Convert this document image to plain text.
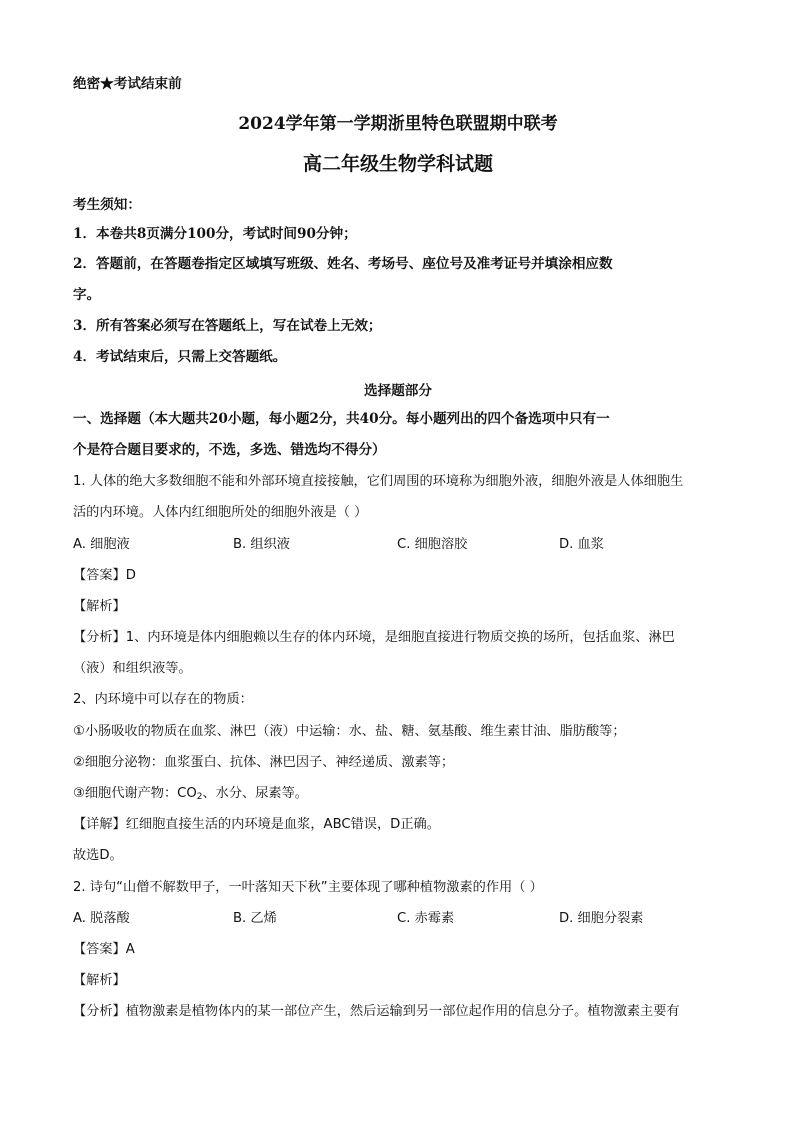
绝密★考试结束前
2024学年第一学期浙里特色联盟期中联考
高二年级生物学科试题
考生须知：
1．本卷共8页满分100分，考试时间90分钟；
2．答题前，在答题卷指定区域填写班级、姓名、考场号、座位号及准考证号并填涂相应数
字。
3．所有答案必须写在答题纸上，写在试卷上无效；
4．考试结束后，只需上交答题纸。
选择题部分
一、选择题（本大题共20小题，每小题2分，共40分。每小题列出的四个备选项中只有一
个是符合题目要求的，不选，多选、错选均不得分）
1. 人体的绝大多数细胞不能和外部环境直接接触，它们周围的环境称为细胞外液，细胞外液是人体细胞生
活的内环境。人体内红细胞所处的细胞外液是（ ）
A. 细胞液	B. 组织液	C. 细胞溶胶	D. 血浆
【答案】D
【解析】
【分析】1、内环境是体内细胞赖以生存的体内环境，是细胞直接进行物质交换的场所，包括血浆、淋巴
（液）和组织液等。
2、内环境中可以存在的物质：
①小肠吸收的物质在血浆、淋巴（液）中运输：水、盐、糖、氨基酸、维生素甘油、脂肪酸等；
②细胞分泌物：血浆蛋白、抗体、淋巴因子、神经递质、激素等；
③细胞代谢产物：$CO_2$、水分、尿素等。
【详解】红细胞直接生活的内环境是血浆，ABC错误，D正确。
故选D。
2. 诗句“山僧不解数甲子，一叶落知天下秋”主要体现了哪种植物激素的作用（ ）
A. 脱落酸	B. 乙烯	C. 赤霉素	D. 细胞分裂素
【答案】A
【解析】
【分析】植物激素是植物体内的某一部位产生，然后运输到另一部位起作用的信息分子。植物激素主要有
